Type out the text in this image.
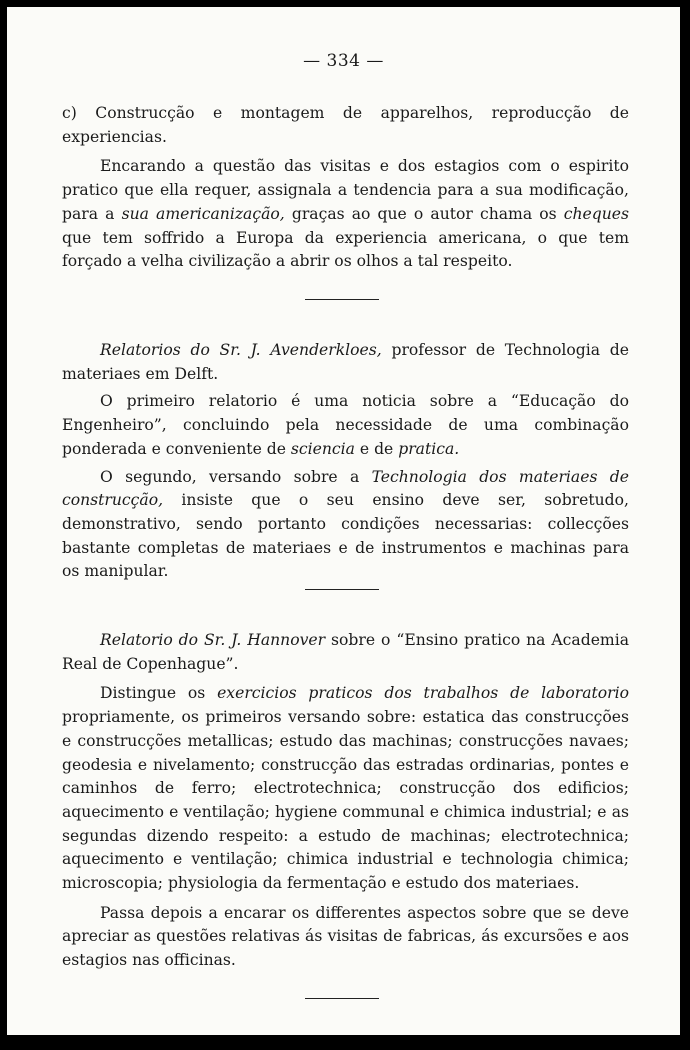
— 334 —

c) Construcção e montagem de apparelhos, reproducção de experiencias.

Encarando a questão das visitas e dos estagios com o espirito pratico que ella requer, assignala a tendencia para a sua modificação, para a sua americanização, graças ao que o autor chama os cheques que tem soffrido a Europa da experiencia americana, o que tem forçado a velha civilização a abrir os olhos a tal respeito.

Relatorios do Sr. J. Avenderkloes, professor de Technologia de materiaes em Delft.

O primeiro relatorio é uma noticia sobre a “Educação do Engenheiro”, concluindo pela necessidade de uma combinação ponderada e conveniente de sciencia e de pratica.

O segundo, versando sobre a Technologia dos materiaes de construcção, insiste que o seu ensino deve ser, sobretudo, demonstrativo, sendo portanto condições necessarias: collecções bastante completas de materiaes e de instrumentos e machinas para os manipular.

Relatorio do Sr. J. Hannover sobre o “Ensino pratico na Academia Real de Copenhague”.

Distingue os exercicios praticos dos trabalhos de laboratorio propriamente, os primeiros versando sobre: estatica das construcções e construcções metallicas; estudo das machinas; construcções navaes; geodesia e nivelamento; construcção das estradas ordinarias, pontes e caminhos de ferro; electrotechnica; construcção dos edificios; aquecimento e ventilação; hygiene communal e chimica industrial; e as segundas dizendo respeito: a estudo de machinas; electrotechnica; aquecimento e ventilação; chimica industrial e technologia chimica; microscopia; physiologia da fermentação e estudo dos materiaes.

Passa depois a encarar os differentes aspectos sobre que se deve apreciar as questões relativas ás visitas de fabricas, ás excursões e aos estagios nas officinas.
